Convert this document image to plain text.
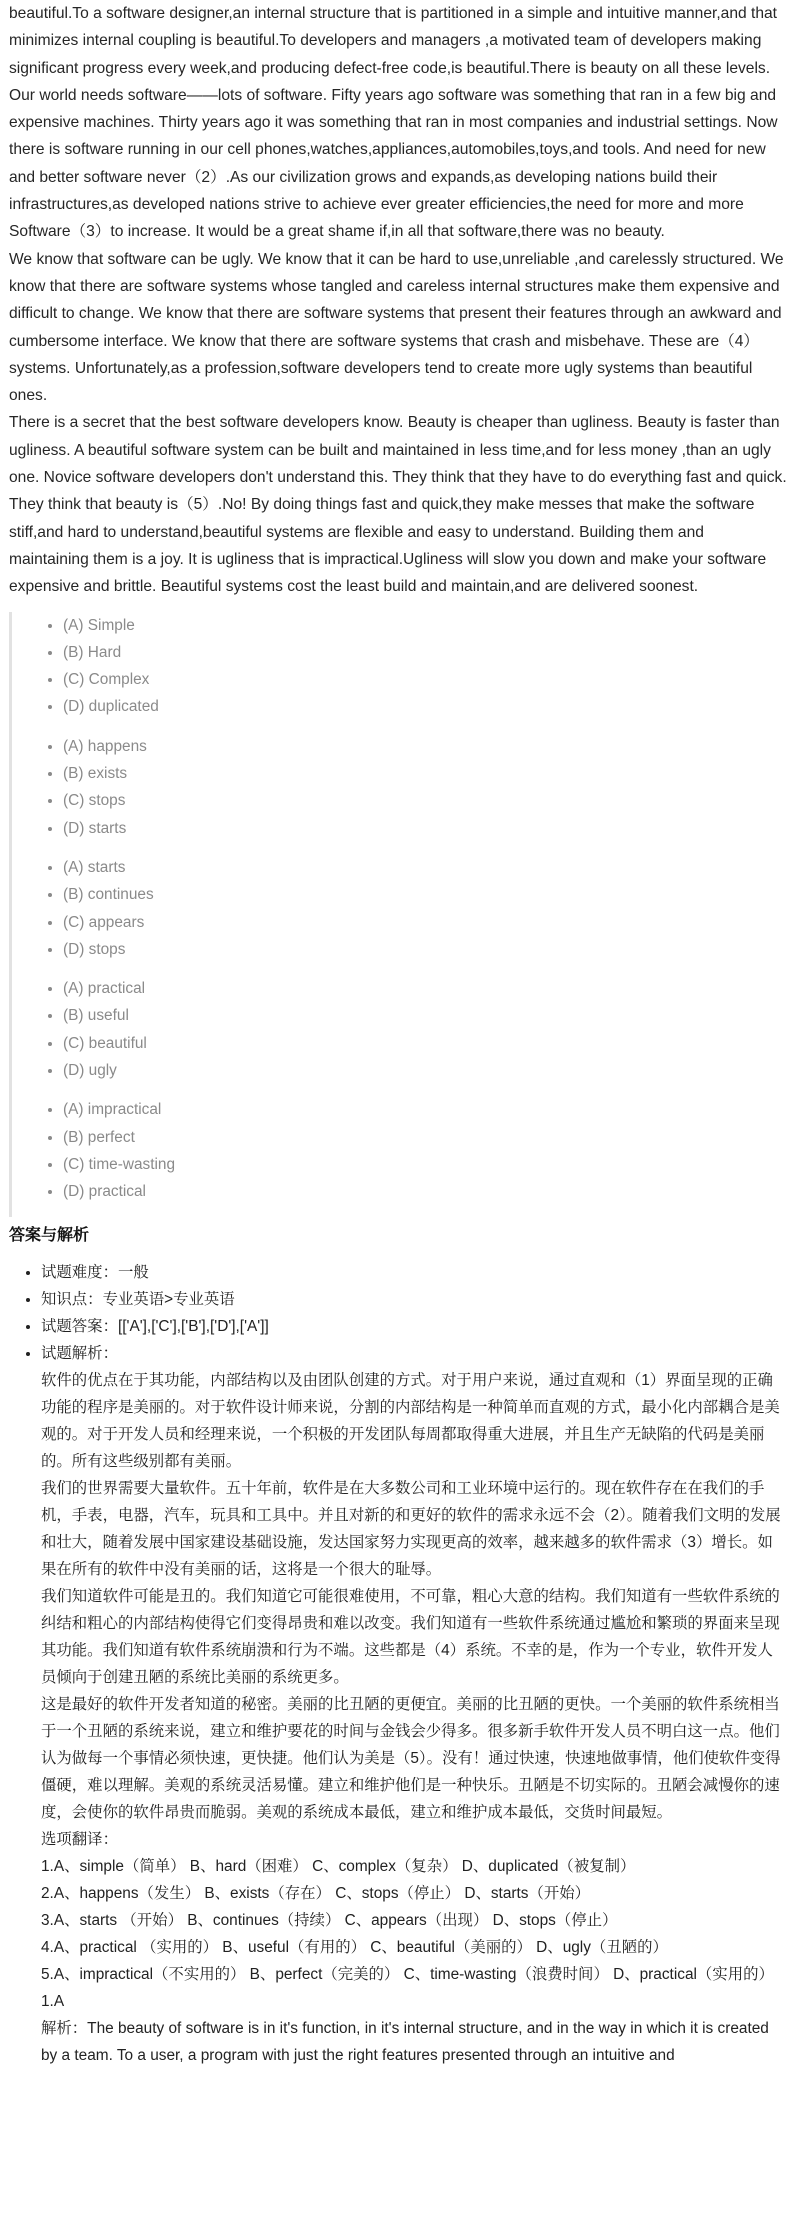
beautiful.To a software designer,an internal structure that is partitioned in a simple and intuitive manner,and that minimizes internal coupling is beautiful.To developers and managers ,a motivated team of developers making significant progress every week,and producing defect-free code,is beautiful.There is beauty on all these levels.

Our world needs software——lots of software. Fifty years ago software was something that ran in a few big and expensive machines. Thirty years ago it was something that ran in most companies and industrial settings. Now there is software running in our cell phones,watches,appliances,automobiles,toys,and tools. And need for new and better software never（2）.As our civilization grows and expands,as developing nations build their infrastructures,as developed nations strive to achieve ever greater efficiencies,the need for more and more Software（3）to increase. It would be a great shame if,in all that software,there was no beauty.

We know that software can be ugly. We know that it can be hard to use,unreliable ,and carelessly structured. We know that there are software systems whose tangled and careless internal structures make them expensive and difficult to change. We know that there are software systems that present their features through an awkward and cumbersome interface. We know that there are software systems that crash and misbehave. These are（4）systems. Unfortunately,as a profession,software developers tend to create more ugly systems than beautiful ones.

There is a secret that the best software developers know. Beauty is cheaper than ugliness. Beauty is faster than ugliness. A beautiful software system can be built and maintained in less time,and for less money ,than an ugly one. Novice software developers don't understand this. They think that they have to do everything fast and quick. They think that beauty is（5）.No! By doing things fast and quick,they make messes that make the software stiff,and hard to understand,beautiful systems are flexible and easy to understand. Building them and maintaining them is a joy. It is ugliness that is impractical.Ugliness will slow you down and make your software expensive and brittle. Beautiful systems cost the least build and maintain,and are delivered soonest.

• (A) Simple
• (B) Hard
• (C) Complex
• (D) duplicated
• (A) happens
• (B) exists
• (C) stops
• (D) starts
• (A) starts
• (B) continues
• (C) appears
• (D) stops
• (A) practical
• (B) useful
• (C) beautiful
• (D) ugly
• (A) impractical
• (B) perfect
• (C) time-wasting
• (D) practical
答案与解析
• 试题难度：一般
• 知识点：专业英语>专业英语
• 试题答案：[['A'],['C'],['B'],['D'],['A']]
• 试题解析：

软件的优点在于其功能，内部结构以及由团队创建的方式。对于用户来说，通过直观和（1）界面呈现的正确功能的程序是美丽的。对于软件设计师来说，分割的内部结构是一种简单而直观的方式，最小化内部耦合是美观的。对于开发人员和经理来说，一个积极的开发团队每周都取得重大进展，并且生产无缺陷的代码是美丽的。所有这些级别都有美丽。

我们的世界需要大量软件。五十年前，软件是在大多数公司和工业环境中运行的。现在软件存在在我们的手机，手表，电器，汽车，玩具和工具中。并且对新的和更好的软件的需求永远不会（2）。随着我们文明的发展和壮大，随着发展中国家建设基础设施，发达国家努力实现更高的效率，越来越多的软件需求（3）增长。如果在所有的软件中没有美丽的话，这将是一个很大的耻辱。

我们知道软件可能是丑的。我们知道它可能很难使用，不可靠，粗心大意的结构。我们知道有一些软件系统的纠结和粗心的内部结构使得它们变得昂贵和难以改变。我们知道有一些软件系统通过尴尬和繁琐的界面来呈现其功能。我们知道有软件系统崩溃和行为不端。这些都是（4）系统。不幸的是，作为一个专业，软件开发人员倾向于创建丑陋的系统比美丽的系统更多。

这是最好的软件开发者知道的秘密。美丽的比丑陋的更便宜。美丽的比丑陋的更快。一个美丽的软件系统相当于一个丑陋的系统来说，建立和维护要花的时间与金钱会少得多。很多新手软件开发人员不明白这一点。他们认为做每一个事情必须快速，更快捷。他们认为美是（5）。没有！通过快速，快速地做事情，他们使软件变得僵硬，难以理解。美观的系统灵活易懂。建立和维护他们是一种快乐。丑陋是不切实际的。丑陋会减慢你的速度，会使你的软件昂贵而脆弱。美观的系统成本最低，建立和维护成本最低，交货时间最短。

选项翻译：

1.A、simple（简单） B、hard（困难） C、complex（复杂） D、duplicated（被复制）

2.A、happens（发生） B、exists（存在） C、stops（停止） D、starts（开始）

3.A、starts （开始） B、continues（持续） C、appears（出现） D、stops（停止）

4.A、practical （实用的） B、useful（有用的） C、beautiful（美丽的） D、ugly（丑陋的）

5.A、impractical（不实用的） B、perfect（完美的） C、time-wasting（浪费时间） D、practical（实用的）

1.A

解析：The beauty of software is in it's function, in it's internal structure, and in the way in which it is created by a team. To a user, a program with just the right features presented through an intuitive and
